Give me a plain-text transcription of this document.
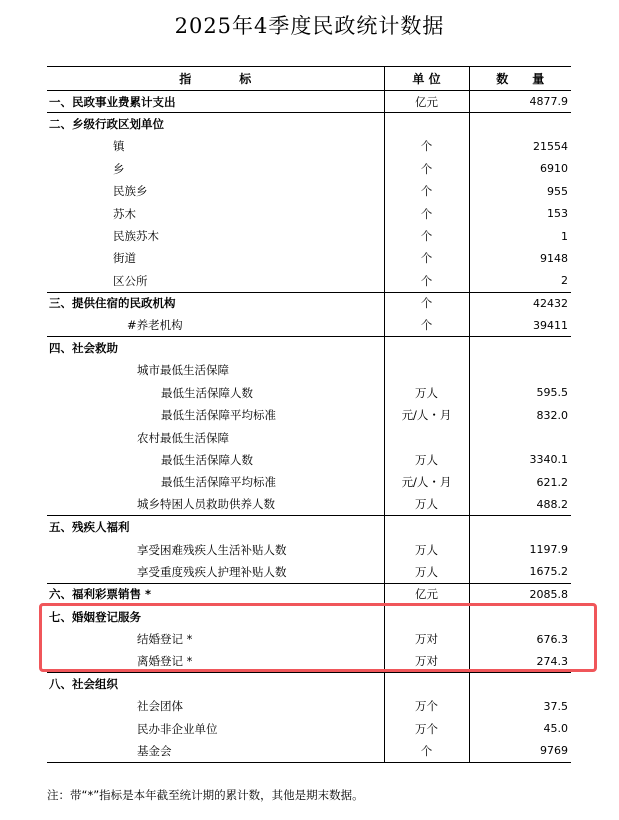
2025年4季度民政统计数据
指　　　　标	单 位	数　　量
一、民政事业费累计支出	亿元	4877.9
二、乡级行政区划单位		
镇	个	21554
乡	个	6910
民族乡	个	955
苏木	个	153
民族苏木	个	1
街道	个	9148
区公所	个	2
三、提供住宿的民政机构	个	42432
#养老机构	个	39411
四、社会救助		
城市最低生活保障		
最低生活保障人数	万人	595.5
最低生活保障平均标准	元/人・月	832.0
农村最低生活保障		
最低生活保障人数	万人	3340.1
最低生活保障平均标准	元/人・月	621.2
城乡特困人员救助供养人数	万人	488.2
五、残疾人福利		
享受困难残疾人生活补贴人数	万人	1197.9
享受重度残疾人护理补贴人数	万人	1675.2
六、福利彩票销售 *	亿元	2085.8
七、婚姻登记服务		
结婚登记 *	万对	676.3
离婚登记 *	万对	274.3
八、社会组织		
社会团体	万个	37.5
民办非企业单位	万个	45.0
基金会	个	9769
注：带“*”指标是本年截至统计期的累计数，其他是期末数据。
